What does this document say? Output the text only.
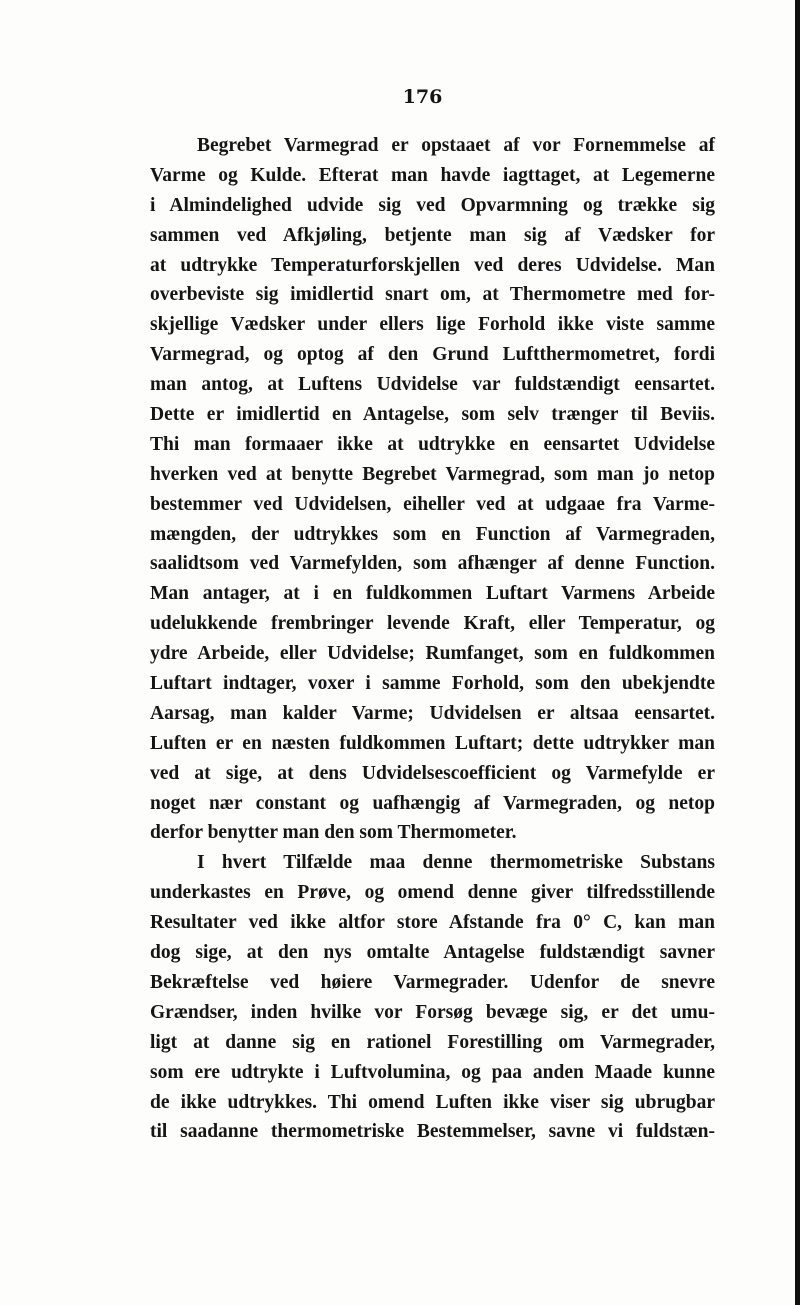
176
Begrebet Varmegrad er opstaaet af vor Fornemmelse af
Varme og Kulde. Efterat man havde iagttaget, at Legemerne
i Almindelighed udvide sig ved Opvarmning og trække sig
sammen ved Afkjøling, betjente man sig af Vædsker for
at udtrykke Temperaturforskjellen ved deres Udvidelse. Man
overbeviste sig imidlertid snart om, at Thermometre med for-
skjellige Vædsker under ellers lige Forhold ikke viste samme
Varmegrad, og optog af den Grund Luftthermometret, fordi
man antog, at Luftens Udvidelse var fuldstændigt eensartet.
Dette er imidlertid en Antagelse, som selv trænger til Beviis.
Thi man formaaer ikke at udtrykke en eensartet Udvidelse
hverken ved at benytte Begrebet Varmegrad, som man jo netop
bestemmer ved Udvidelsen, eiheller ved at udgaae fra Varme-
mængden, der udtrykkes som en Function af Varmegraden,
saalidtsom ved Varmefylden, som afhænger af denne Function.
Man antager, at i en fuldkommen Luftart Varmens Arbeide
udelukkende frembringer levende Kraft, eller Temperatur, og
ydre Arbeide, eller Udvidelse; Rumfanget, som en fuldkommen
Luftart indtager, voxer i samme Forhold, som den ubekjendte
Aarsag, man kalder Varme; Udvidelsen er altsaa eensartet.
Luften er en næsten fuldkommen Luftart; dette udtrykker man
ved at sige, at dens Udvidelsescoefficient og Varmefylde er
noget nær constant og uafhængig af Varmegraden, og netop
derfor benytter man den som Thermometer.
I hvert Tilfælde maa denne thermometriske Substans
underkastes en Prøve, og omend denne giver tilfredsstillende
Resultater ved ikke altfor store Afstande fra 0° C, kan man
dog sige, at den nys omtalte Antagelse fuldstændigt savner
Bekræftelse ved høiere Varmegrader. Udenfor de snevre
Grændser, inden hvilke vor Forsøg bevæge sig, er det umu-
ligt at danne sig en rationel Forestilling om Varmegrader,
som ere udtrykte i Luftvolumina, og paa anden Maade kunne
de ikke udtrykkes. Thi omend Luften ikke viser sig ubrugbar
til saadanne thermometriske Bestemmelser, savne vi fuldstæn-
